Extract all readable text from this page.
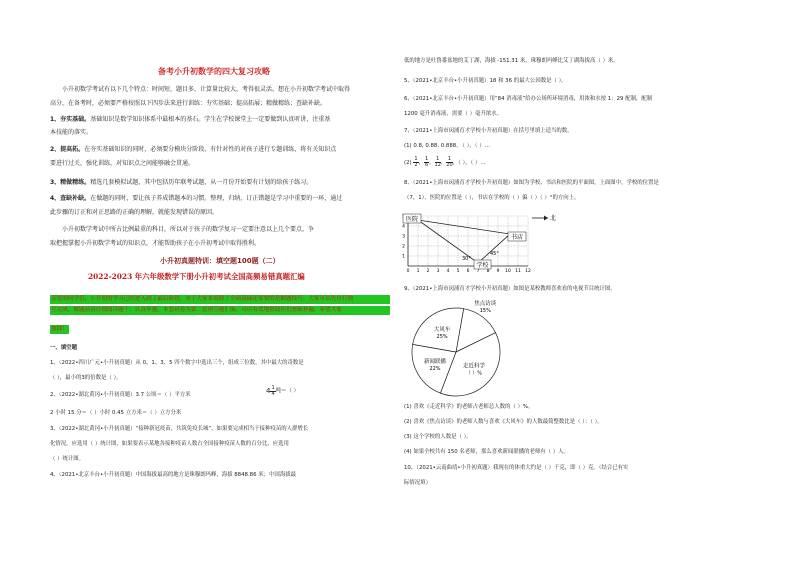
备考小升初数学的四大复习攻略
小升初数学考试有以下几个特点：时间短，题目多，计算量比较大，考得很灵活。想在小升初数学考试中取得
高分，在备考时，必须要严格按照以下四步法来进行训练：夯实基础；提高拓展；精做精练；查缺补缺。
1、夯实基础。基础知识是数学知识体系中最根本的基石。学生在学校课堂上一定要做到认真听讲，注重基
本技能的落实。
2、提高拓。在夯实基础知识的同时，必须要分模块分阶段、有针对性的对孩子进行专题训练，将有关知识点
要进行过关，强化训练，对知识点之间能够融会贯通。
3、精做精练。精选几套模拟试题，其中包括历年联考试题，从一月份开始要有计划的给孩子练习。
4、查缺补缺。在做题的同时，要让孩子养成错题本的习惯。整理，归纳，订正错题是学习中重要的一环，通过
此步骤的订正和对正思路的正确的理解，就能发现错误的原因。
小升初数学考试中所占比例最重的科目，所以对于孩子的数学复习一定要注意以上几个要点，争
取把握掌握小升初数学考试的知识点，才能帮助孩子在小升初考试中取得胜利。
小升初真题特训：填空题100题（二）
2022-2023 年六年级数学下册小升初考试全国高频易错真题汇编
亲爱的同学们，小升初的学习已经进入到了最后阶段，对于大家来说除了全面基础还需要的是解题技巧。大家可以先自行独
立完成，做题前请仔细阅读题干，认真审题。本套试卷为第二套填空题汇编，可以有效地帮助你们查缺补漏，希望大家
加油！
一、填空题
1、（2022•四川广元•小升初真题）从 0、1、3、5 四个数字中选出三个，组成三位数，其中最大的奇数是
（ ），最小的3的倍数是（ ）。
2、（2022•湖北黄冈•小升初真题）3.7 公顷＝（ ）平方米	$4 \frac{1}{4}$ 吨＝（ ）
2 小时 15 分＝（ ）小时 0.45 立方米＝（ ）立方分米
3、（2022•湖北黄冈•小升初真题）“接种新冠疫苗，共筑免疫长城”，如果要完成相当于接种疫苗的人群增长
化情况，应选用（ ）统计图，如果要表示某地各接种疫苗人数占全国接种疫苗人数的百分比，应选用
（ ）统计图。
4、（2021•北京丰台•小升初真题）中国海拔最高的地方是珠穆朗玛峰，海拔 8848.86 米；中国海拔最
低的地方是吐鲁番盆地的艾丁湖，海拔 -151.31 米，珠穆朗玛峰比艾丁湖海拔高（ ）米。
5、（2021•北京丰台•小升初真题）18 和 36 的最大公因数是（ ）。
6、（2021•北京丰台•小升初真题）用“84 消毒液”给办公场所环境消毒，用浓和水按 1：29 配制，配制
1200 毫升消毒液，需要（ ）毫升浓水。
7、（2021•上海市闵浦育才学校小升初真题）在括号里填上适当的数。
(1) 0.8, 0.88, 0.888, （ ），（ ）…
$(2) \frac{1}{2}$ ， $\frac{1}{6}$ ， $\frac{1}{12}$ ， $\frac{1}{20}$ ，（ ），（ ）…
8、（2021•上海市闵浦育才学校小升初真题）如图为学校、书店和医院的平面图，上面图中，学校的位置是
（7，1），医院的位置是（ ），书店在学校的（ ）偏（ ）（ ）°的方向上。
0 1 2 3 4 5 6 7 8 9 10 11 12
1
2
3
4
医院
书店
学校
30°
45°
北
9、（2021•上海市闵浦育才学校小升初真题）如图是某校教师喜欢看的电视节目统计图。
焦点访谈
15%
走近科学
（ ）%
新闻联播
22%
大风车
25%
(1) 喜欢《走近科学》的老师占老师总人数的（ ）%。
(2) 喜欢《焦点访谈》的老师人数与喜欢《大风车》的人数最简整数比是（ ）：（ ）。
(3) 这个学校的人数是（ ）。
(4) 如果全校共有 150 名老师，那么喜欢新闻联播的老师有（ ）人。
10、（2021•云南曲靖•小升初真题）我现在的体重大约是（ ）千克，即（ ）克。（结合已有实
际情况填）
